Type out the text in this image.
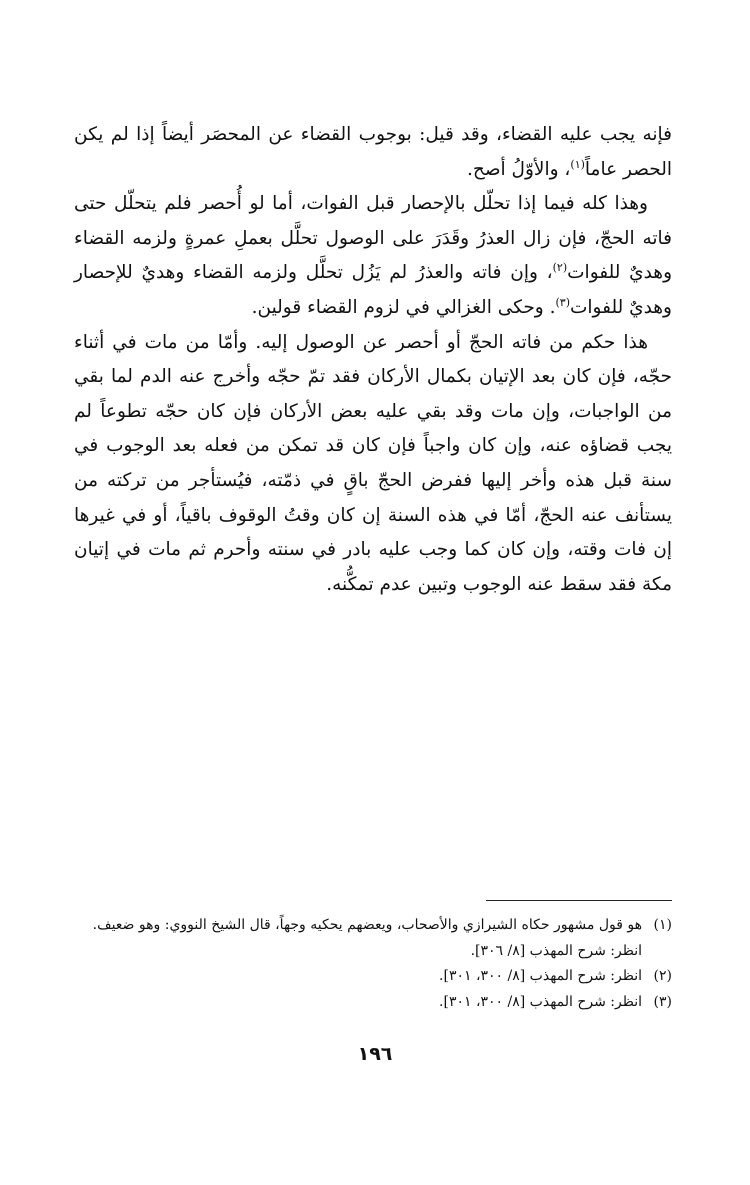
فإنه يجب عليه القضاء، وقد قيل: بوجوب القضاء عن المحصَر أيضاً إذا لم يكن الحصر عاماً$^{(١)}$، والأوّلُ أصح.

وهذا كله فيما إذا تحلّل بالإحصار قبل الفوات، أما لو أُحصر فلم يتحلّل حتى فاته الحجّ، فإن زال العذرُ وقَدَرَ على الوصول تحلَّل بعملِ عمرةٍ ولزمه القضاء وهديٌ للفوات$^{(٢)}$، وإن فاته والعذرُ لم يَزُل تحلَّل ولزمه القضاء وهديٌ للإحصار وهديٌ للفوات$^{(٣)}$. وحكى الغزالي في لزوم القضاء قولين.

هذا حكم من فاته الحجّ أو أحصر عن الوصول إليه. وأمّا من مات في أثناء حجّه، فإن كان بعد الإتيان بكمال الأركان فقد تمّ حجّه وأخرج عنه الدم لما بقي من الواجبات، وإن مات وقد بقي عليه بعض الأركان فإن كان حجّه تطوعاً لم يجب قضاؤه عنه، وإن كان واجباً فإن كان قد تمكن من فعله بعد الوجوب في سنة قبل هذه وأخر إليها ففرض الحجّ باقٍ في ذمّته، فيُستأجر من تركته من يستأنف عنه الحجّ، أمّا في هذه السنة إن كان وقتُ الوقوف باقياً، أو في غيرها إن فات وقته، وإن كان كما وجب عليه بادر في سنته وأحرم ثم مات في إتيان مكة فقد سقط عنه الوجوب وتبين عدم تمكُّنه.

(١)
هو قول مشهور حكاه الشيرازي والأصحاب، ويعضهم يحكيه وجهاً، قال الشيخ النووي: وهو ضعيف.
انظر: شرح المهذب [٨/ ٣٠٦].
(٢)
انظر: شرح المهذب [٨/ ٣٠٠، ٣٠١].
(٣)
انظر: شرح المهذب [٨/ ٣٠٠، ٣٠١].
١٩٦
